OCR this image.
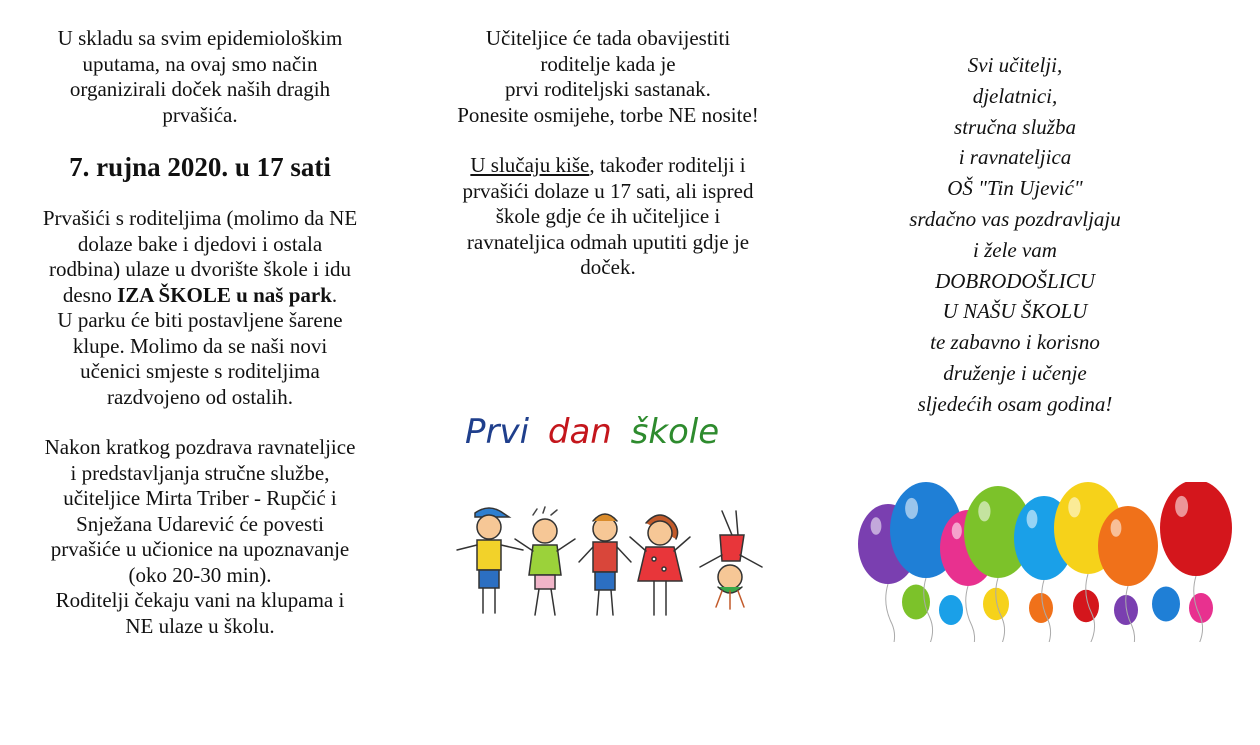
U skladu sa svim epidemiološkim
uputama, na ovaj smo način
organizirali doček naših dragih
prvašića.

7. rujna 2020. u 17 sati

Prvašići s roditeljima (molimo da NE
dolaze bake i djedovi i ostala
rodbina) ulaze u dvorište škole i idu
desno IZA ŠKOLE u naš park.
U parku će biti postavljene šarene
klupe. Molimo da se naši novi
učenici smjeste s roditeljima
razdvojeno od ostalih.

Nakon kratkog pozdrava ravnateljice
i predstavljanja stručne službe,
učiteljice Mirta Triber - Rupčić i
Snježana Udarević će povesti
prvašiće u učionice na upoznavanje
(oko 20-30 min).
Roditelji čekaju vani na klupama i
NE ulaze u školu.

Učiteljice će tada obavijestiti
roditelje kada je
prvi roditeljski sastanak.
Ponesite osmijehe, torbe NE nosite!

U slučaju kiše, također roditelji i
prvašići dolaze u 17 sati, ali ispred
škole gdje će ih učiteljice i
ravnateljica odmah uputiti gdje je
doček.

Prvi dan škole
Svi učitelji,
djelatnici,
stručna služba
i ravnateljica
OŠ "Tin Ujević"
srdačno vas pozdravljaju
i žele vam
DOBRODOŠLICU
U NAŠU ŠKOLU
te zabavno i korisno
druženje i učenje
sljedećih osam godina!
